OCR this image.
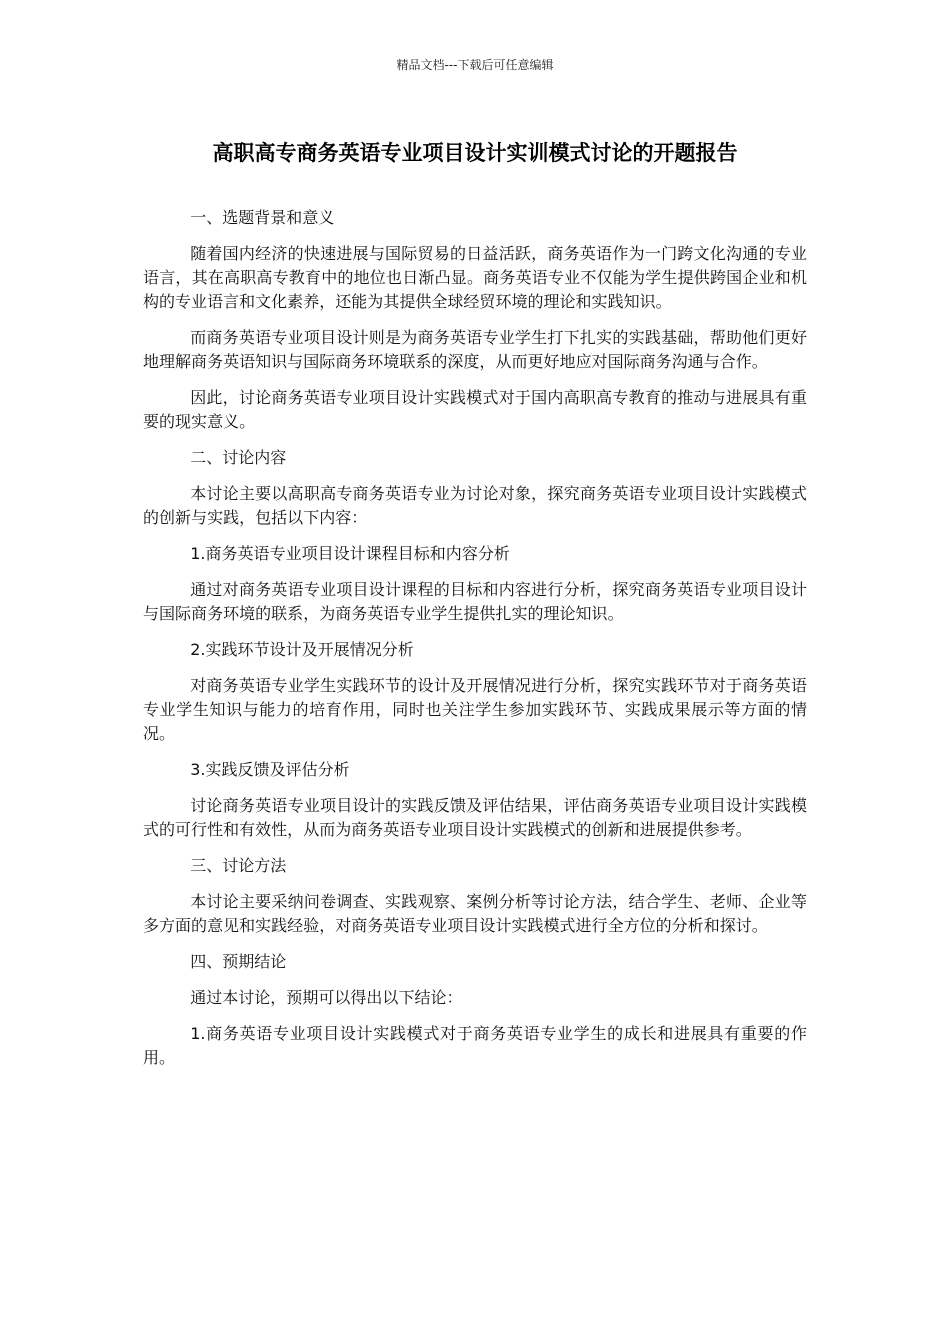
精品文档---下载后可任意编辑
高职高专商务英语专业项目设计实训模式讨论的开题报告

一、选题背景和意义

随着国内经济的快速进展与国际贸易的日益活跃，商务英语作为一门跨文化沟通的专业语言，其在高职高专教育中的地位也日渐凸显。商务英语专业不仅能为学生提供跨国企业和机构的专业语言和文化素养，还能为其提供全球经贸环境的理论和实践知识。

而商务英语专业项目设计则是为商务英语专业学生打下扎实的实践基础，帮助他们更好地理解商务英语知识与国际商务环境联系的深度，从而更好地应对国际商务沟通与合作。

因此，讨论商务英语专业项目设计实践模式对于国内高职高专教育的推动与进展具有重要的现实意义。

二、讨论内容

本讨论主要以高职高专商务英语专业为讨论对象，探究商务英语专业项目设计实践模式的创新与实践，包括以下内容：

1.商务英语专业项目设计课程目标和内容分析

通过对商务英语专业项目设计课程的目标和内容进行分析，探究商务英语专业项目设计与国际商务环境的联系，为商务英语专业学生提供扎实的理论知识。

2.实践环节设计及开展情况分析

对商务英语专业学生实践环节的设计及开展情况进行分析，探究实践环节对于商务英语专业学生知识与能力的培育作用，同时也关注学生参加实践环节、实践成果展示等方面的情况。

3.实践反馈及评估分析

讨论商务英语专业项目设计的实践反馈及评估结果，评估商务英语专业项目设计实践模式的可行性和有效性，从而为商务英语专业项目设计实践模式的创新和进展提供参考。

三、讨论方法

本讨论主要采纳问卷调查、实践观察、案例分析等讨论方法，结合学生、老师、企业等多方面的意见和实践经验，对商务英语专业项目设计实践模式进行全方位的分析和探讨。

四、预期结论

通过本讨论，预期可以得出以下结论：

1.商务英语专业项目设计实践模式对于商务英语专业学生的成长和进展具有重要的作用。
